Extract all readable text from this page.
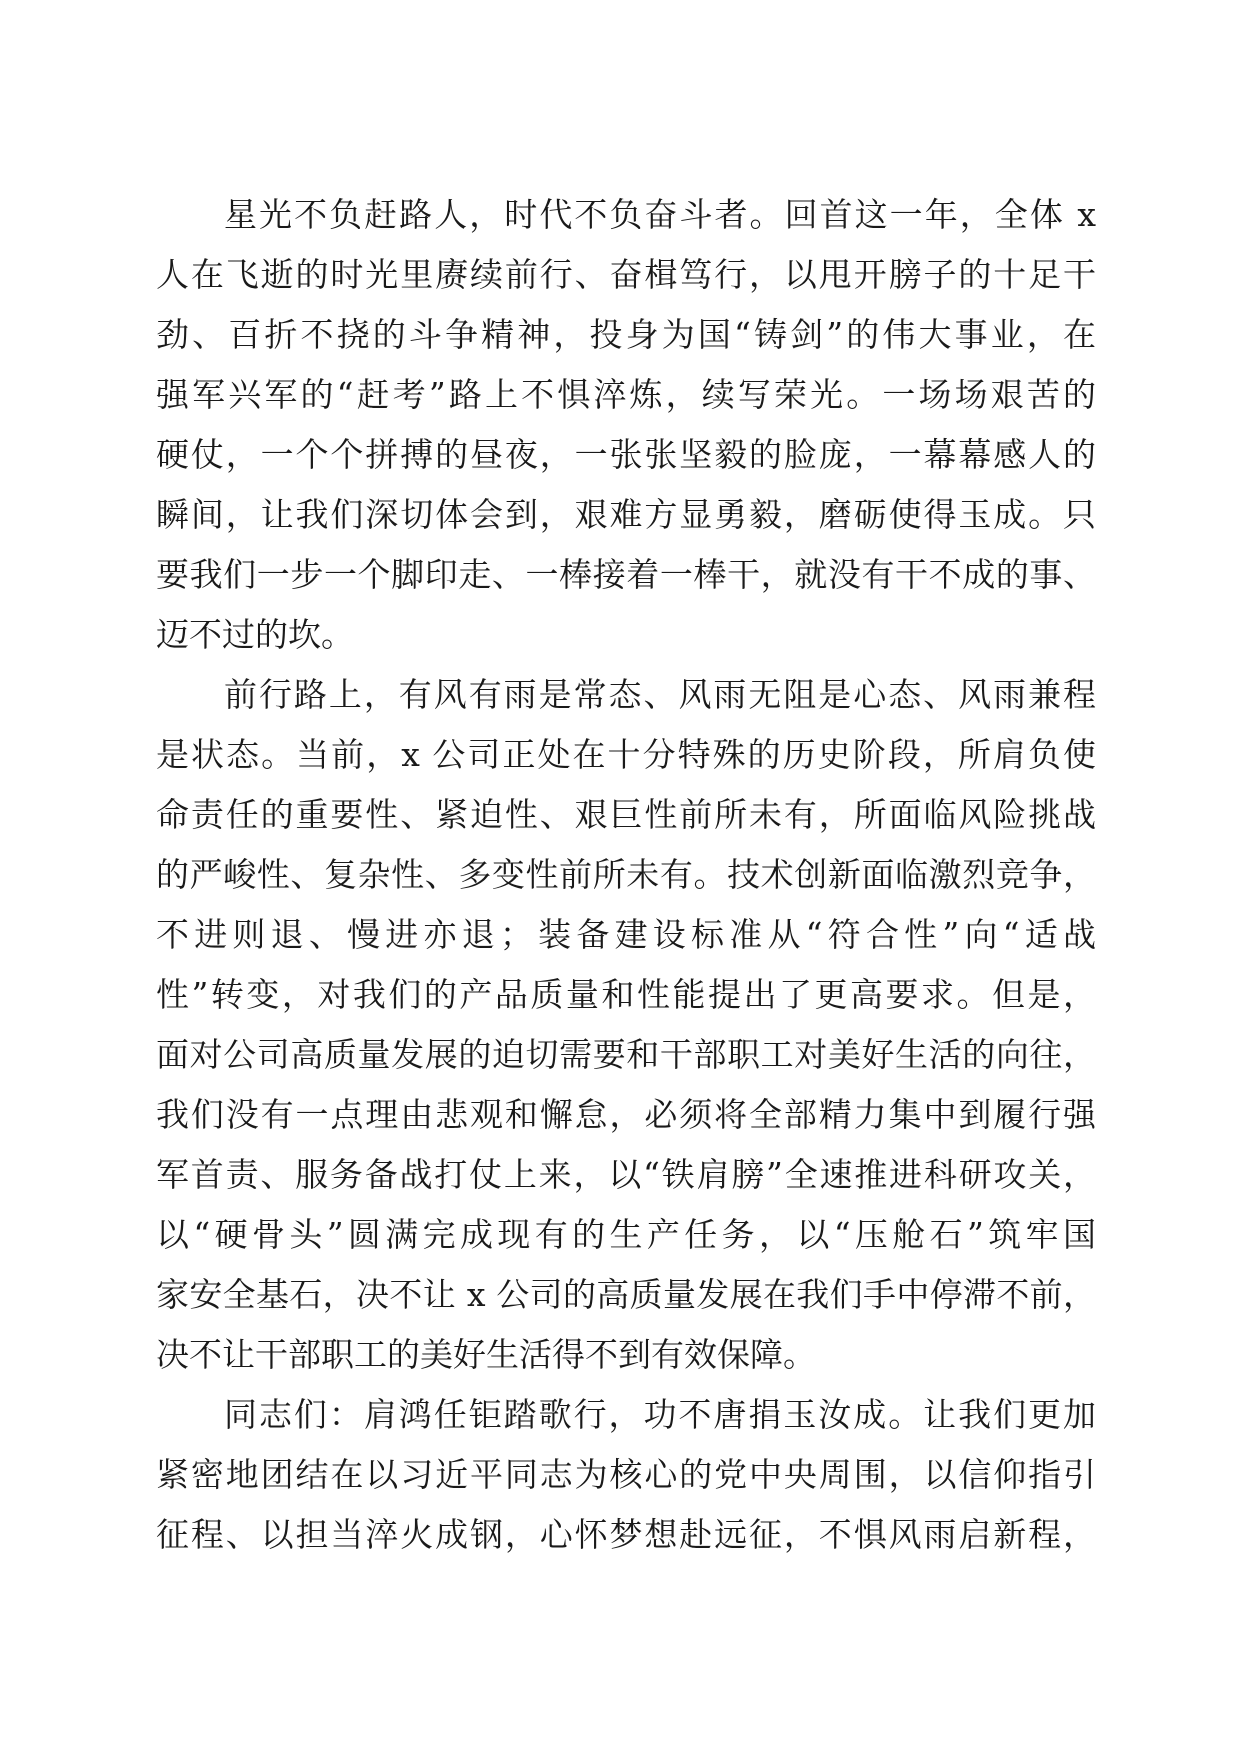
星光不负赶路人，时代不负奋斗者。回首这一年，全体 x
人在飞逝的时光里赓续前行、奋楫笃行，以甩开膀子的十足干
劲、百折不挠的斗争精神，投身为国“铸剑”的伟大事业，在
强军兴军的“赶考”路上不惧淬炼，续写荣光。一场场艰苦的
硬仗，一个个拼搏的昼夜，一张张坚毅的脸庞，一幕幕感人的
瞬间，让我们深切体会到，艰难方显勇毅，磨砺使得玉成。只
要我们一步一个脚印走、一棒接着一棒干，就没有干不成的事、
迈不过的坎。
前行路上，有风有雨是常态、风雨无阻是心态、风雨兼程
是状态。当前，x 公司正处在十分特殊的历史阶段，所肩负使
命责任的重要性、紧迫性、艰巨性前所未有，所面临风险挑战
的严峻性、复杂性、多变性前所未有。技术创新面临激烈竞争，
不进则退、慢进亦退；装备建设标准从“符合性”向“适战
性”转变，对我们的产品质量和性能提出了更高要求。但是，
面对公司高质量发展的迫切需要和干部职工对美好生活的向往，
我们没有一点理由悲观和懈怠，必须将全部精力集中到履行强
军首责、服务备战打仗上来，以“铁肩膀”全速推进科研攻关，
以“硬骨头”圆满完成现有的生产任务，以“压舱石”筑牢国
家安全基石，决不让 x 公司的高质量发展在我们手中停滞不前，
决不让干部职工的美好生活得不到有效保障。
同志们：肩鸿任钜踏歌行，功不唐捐玉汝成。让我们更加
紧密地团结在以习近平同志为核心的党中央周围，以信仰指引
征程、以担当淬火成钢，心怀梦想赴远征，不惧风雨启新程，
